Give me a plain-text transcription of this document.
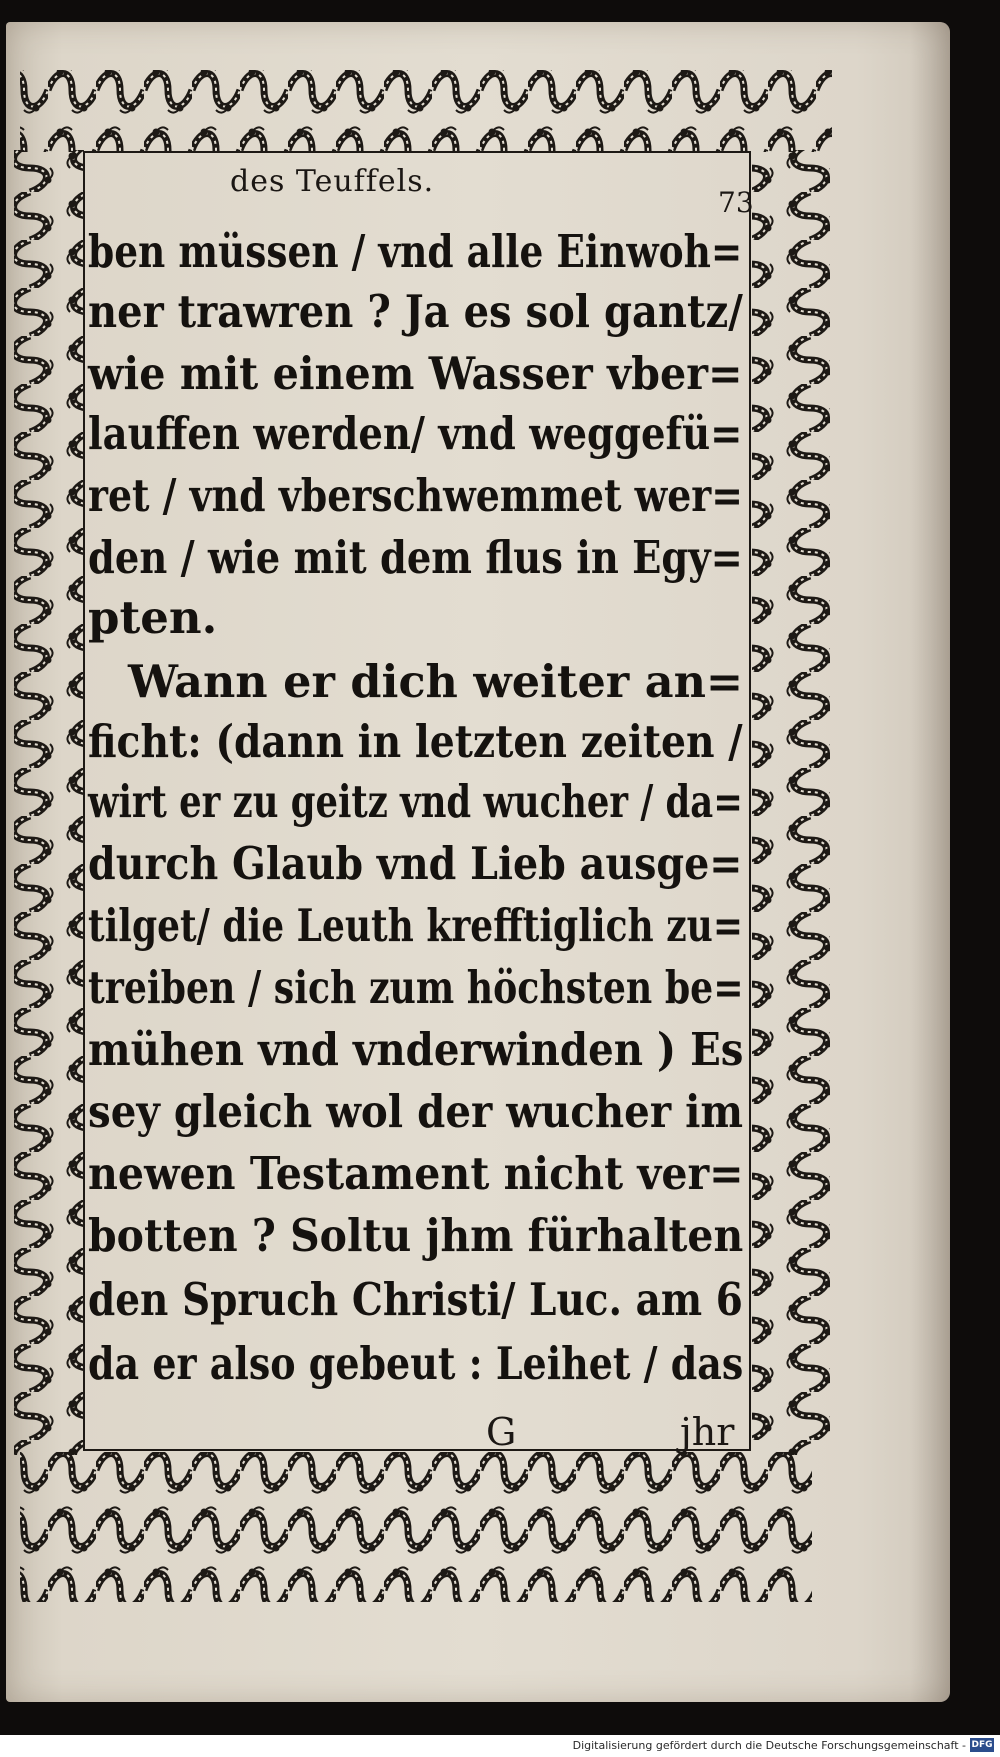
des Teuffels.
73
ben müssen / vnd alle Einwoh=
ner trawren ? Ja es sol gantz/
wie mit einem Wasser vber=
lauffen werden/ vnd weggefü=
ret / vnd vberschwemmet wer=
den / wie mit dem flus in Egy=
pten.
Wann er dich weiter an=
ficht: (dann in letzten zeiten /
wirt er zu geitz vnd wucher / da=
durch Glaub vnd Lieb ausge=
tilget/ die Leuth krefftiglich zu=
treiben / sich zum höchsten be=
mühen vnd vnderwinden ) Es
sey gleich wol der wucher im
newen Testament nicht ver=
botten ? Soltu jhm fürhalten
den Spruch Christi/ Luc. am 6
da er also gebeut : Leihet / das
G	jhr
Digitalisierung gefördert durch die Deutsche Forschungsgemeinschaft - DFG
